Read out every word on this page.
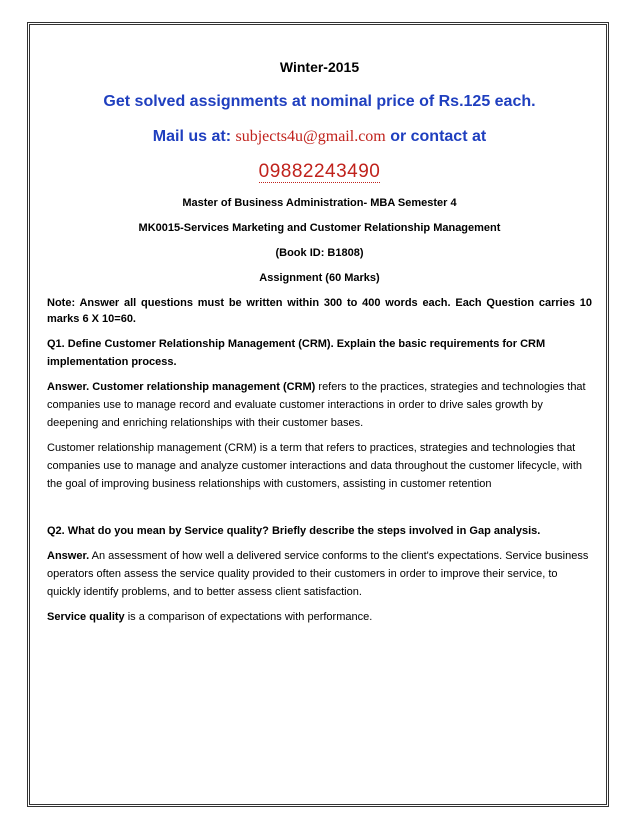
Winter-2015

Get solved assignments at nominal price of Rs.125 each.

Mail us at: subjects4u@gmail.com or contact at

09882243490

Master of Business Administration- MBA Semester 4

MK0015-Services Marketing and Customer Relationship Management

(Book ID: B1808)

Assignment (60 Marks)

Note: Answer all questions must be written within 300 to 400 words each. Each Question carries 10 marks 6 X 10=60.

Q1. Define Customer Relationship Management (CRM). Explain the basic requirements for CRM implementation process.

Answer. Customer relationship management (CRM) refers to the practices, strategies and technologies that companies use to manage record and evaluate customer interactions in order to drive sales growth by deepening and enriching relationships with their customer bases.

Customer relationship management (CRM) is a term that refers to practices, strategies and technologies that companies use to manage and analyze customer interactions and data throughout the customer lifecycle, with the goal of improving business relationships with customers, assisting in customer retention

Q2. What do you mean by Service quality? Briefly describe the steps involved in Gap analysis.

Answer. An assessment of how well a delivered service conforms to the client's expectations. Service business operators often assess the service quality provided to their customers in order to improve their service, to quickly identify problems, and to better assess client satisfaction.

Service quality is a comparison of expectations with performance.
